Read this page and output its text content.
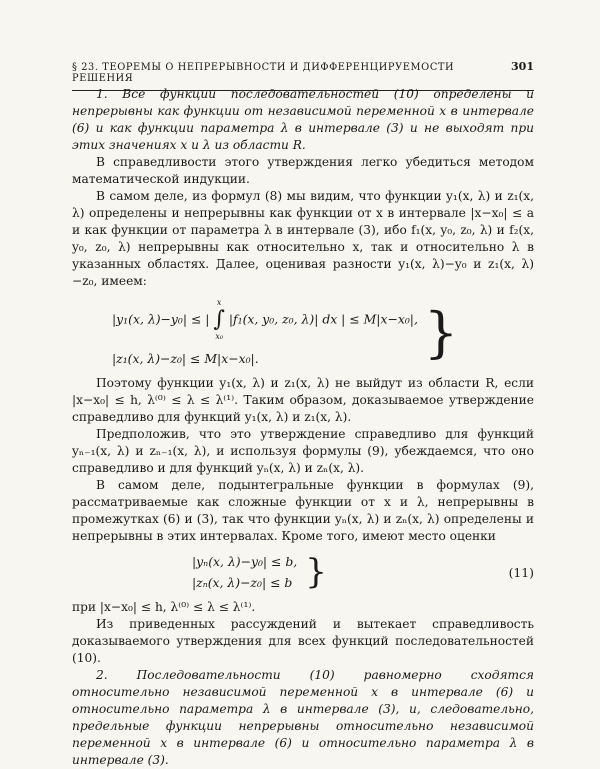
§ 23. ТЕОРЕМЫ О НЕПРЕРЫВНОСТИ И ДИФФЕРЕНЦИРУЕМОСТИ РЕШЕНИЯ
301

1. Все функции последовательностей (10) определены и непрерывны как функции от независимой переменной x в интервале (6) и как функции параметра λ в интервале (3) и не выходят при этих значениях x и λ из области R.

В справедливости этого утверждения легко убедиться методом математической индукции.

В самом деле, из формул (8) мы видим, что функции y₁(x, λ) и z₁(x, λ) определены и непрерывны как функции от x в интервале |x−x₀| ≤ a и как функции от параметра λ в интервале (3), ибо f₁(x, y₀, z₀, λ) и f₂(x, y₀, z₀, λ) непрерывны как относительно x, так и относительно λ в указанных областях. Далее, оценивая разности y₁(x, λ)−y₀ и z₁(x, λ)−z₀, имеем:

|y₁(x, λ)−y₀| ≤ |
x
∫
x₀
|f₁(x, y₀, z₀, λ)| dx | ≤ M|x−x₀|,
|z₁(x, λ)−z₀| ≤ M|x−x₀|.	}

Поэтому функции y₁(x, λ) и z₁(x, λ) не выйдут из области R, если |x−x₀| ≤ h, λ⁽⁰⁾ ≤ λ ≤ λ⁽¹⁾. Таким образом, доказываемое утверждение справедливо для функций y₁(x, λ) и z₁(x, λ).

Предположив, что это утверждение справедливо для функций yₙ₋₁(x, λ) и zₙ₋₁(x, λ), и используя формулы (9), убеждаемся, что оно справедливо и для функций yₙ(x, λ) и zₙ(x, λ).

В самом деле, подынтегральные функции в формулах (9), рассматриваемые как сложные функции от x и λ, непрерывны в промежутках (6) и (3), так что функции yₙ(x, λ) и zₙ(x, λ) определены и непрерывны в этих интервалах. Кроме того, имеют место оценки

|yₙ(x, λ)−y₀| ≤ b,
|zₙ(x, λ)−z₀| ≤ b }	(11)

при |x−x₀| ≤ h, λ⁽⁰⁾ ≤ λ ≤ λ⁽¹⁾.

Из приведенных рассуждений и вытекает справедливость доказываемого утверждения для всех функций последовательностей (10).

2. Последовательности (10) равномерно сходятся относительно независимой переменной x в интервале (6) и относительно параметра λ в интервале (3), и, следовательно, предельные функции непрерывны относительно независимой переменной x в интервале (6) и относительно параметра λ в интервале (3).
